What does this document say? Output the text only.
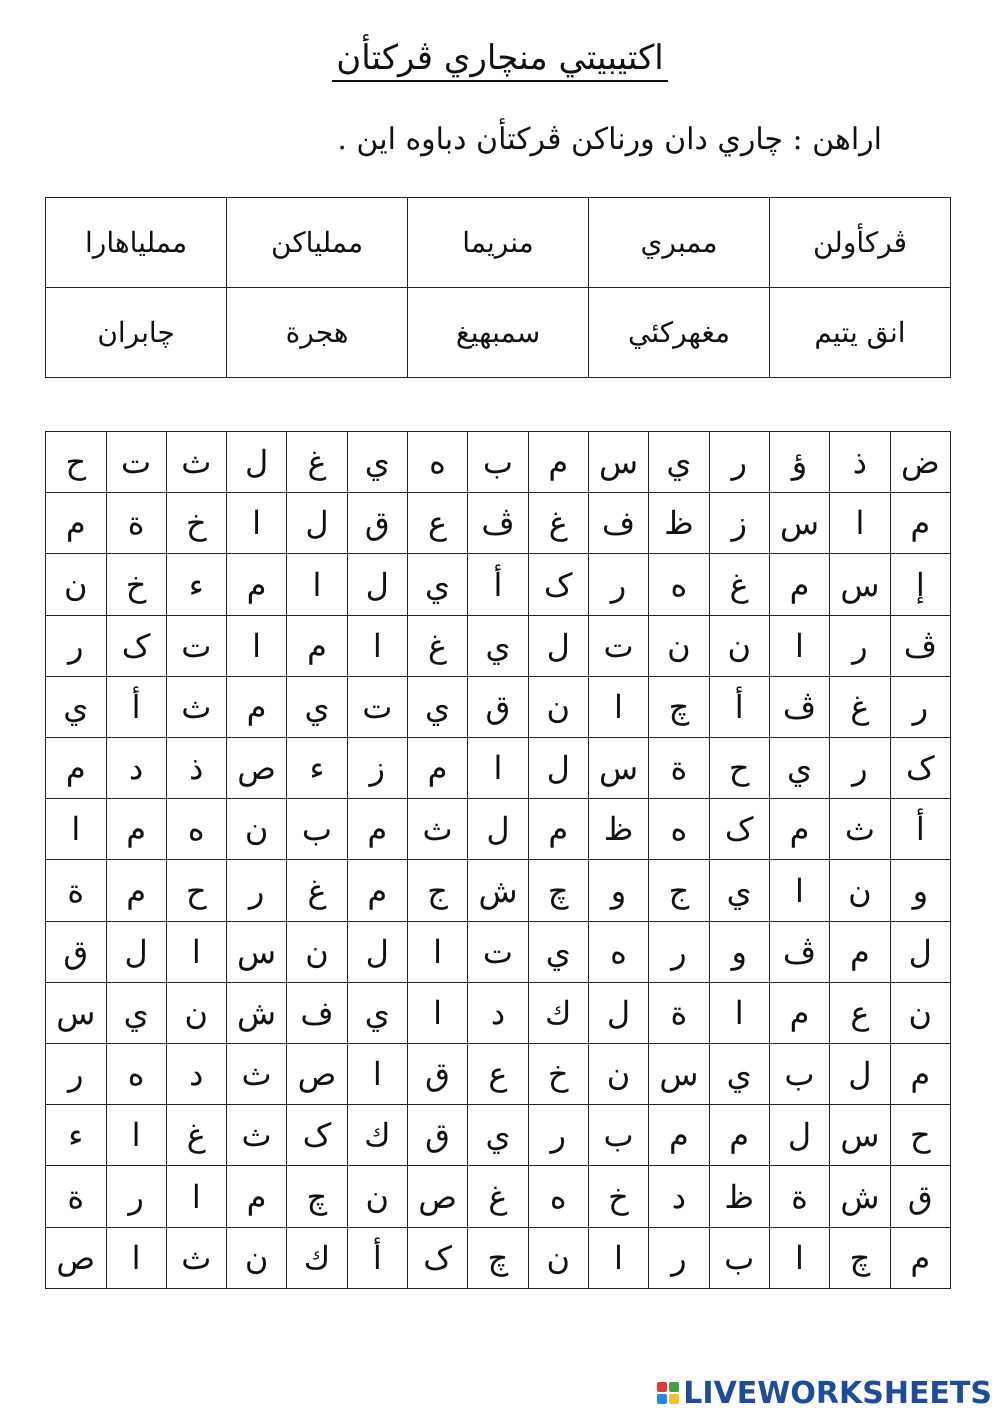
اکتيبيتي منچاري ڤرکتأن
اراهن : چاري دان ورناکن ڤرکتأن دباوه اين .
ڤرکأولن	ممبري	منريما	مملياکن	مملياهارا
انق يتيم	مغهرکئي	سمبهيغ	هجرة	چابران
ض	ذ	ؤ	ر	ي	س	م	ب	ه	ي	غ	ل	ث	ت	ح
م	ا	س	ز	ظ	ف	غ	ڤ	ع	ق	ل	ا	خ	ة	م
إ	س	م	غ	ه	ر	ک	أ	ي	ل	ا	م	ء	خ	ن
ڤ	ر	ا	ن	ن	ت	ل	ي	غ	ا	م	ا	ت	ک	ر
ر	غ	ڤ	أ	چ	ا	ن	ق	ي	ت	ي	م	ث	أ	ي
ک	ر	ي	ح	ة	س	ل	ا	م	ز	ء	ص	ذ	د	م
أ	ث	م	ک	ه	ظ	م	ل	ث	م	ب	ن	ه	م	ا
و	ن	ا	ي	ج	و	چ	ش	ج	م	غ	ر	ح	م	ة
ل	م	ڤ	و	ر	ه	ي	ت	ا	ل	ن	س	ا	ل	ق
ن	ع	م	ا	ة	ل	ك	د	ا	ي	ف	ش	ن	ي	س
م	ل	ب	ي	س	ن	خ	ع	ق	ا	ص	ث	د	ه	ر
ح	س	ل	م	م	ب	ر	ي	ق	ك	ک	ث	غ	ا	ء
ق	ش	ة	ظ	د	خ	ه	غ	ص	ن	چ	م	ا	ر	ة
م	چ	ا	ب	ر	ا	ن	چ	ک	أ	ك	ن	ث	ا	ص
LIVEWORKSHEETS
